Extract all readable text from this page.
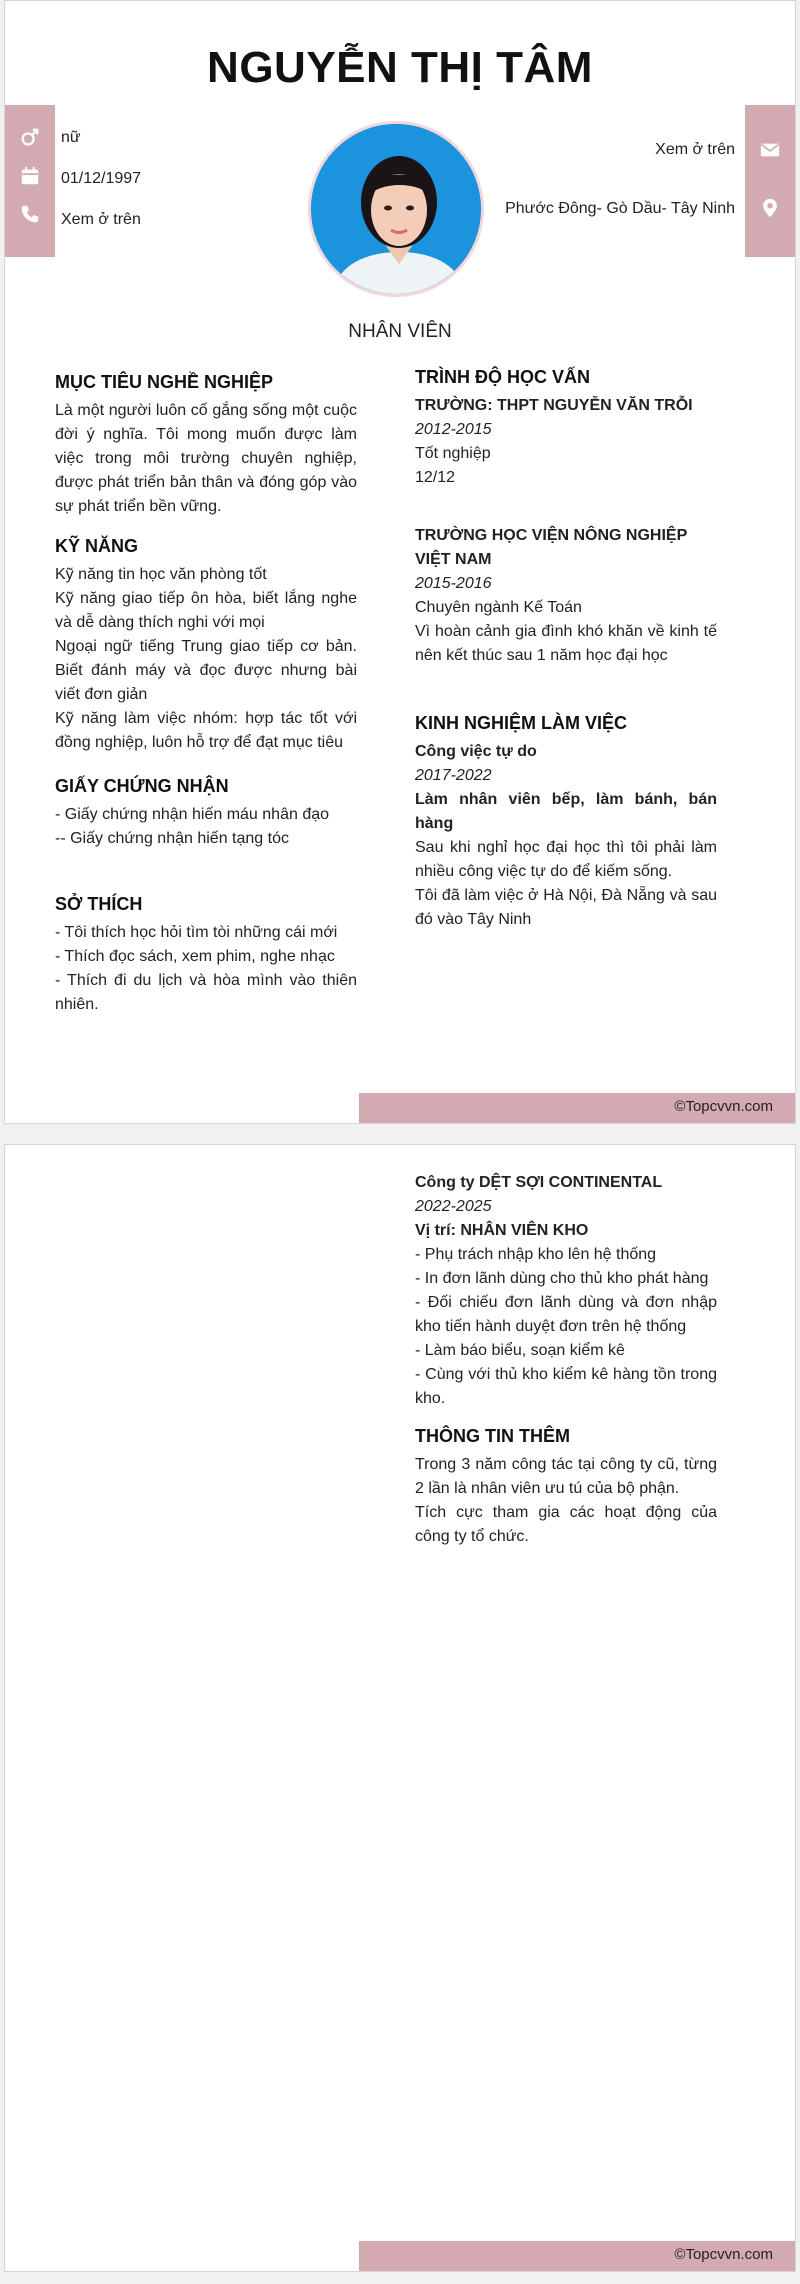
NGUYỄN THỊ TÂM
nữ
01/12/1997
Xem ở trên
Xem ở trên
Phước Đông- Gò Dầu- Tây Ninh
NHÂN VIÊN
MỤC TIÊU NGHỀ NGHIỆP
Là một người luôn cố gắng sống một cuộc đời ý nghĩa. Tôi mong muốn được làm việc trong môi trường chuyên nghiệp, được phát triển bản thân và đóng góp vào sự phát triển bền vững.
KỸ NĂNG
Kỹ năng tin học văn phòng tốt
Kỹ năng giao tiếp ôn hòa, biết lắng nghe và dễ dàng thích nghi với mọi
Ngoại ngữ tiếng Trung giao tiếp cơ bản. Biết đánh máy và đọc được nhưng bài viết đơn giản
Kỹ năng làm việc nhóm: hợp tác tốt với đồng nghiệp, luôn hỗ trợ để đạt mục tiêu
GIẤY CHỨNG NHẬN
- Giấy chứng nhận hiến máu nhân đạo
-- Giấy chứng nhận hiến tạng tóc
SỞ THÍCH
- Tôi thích học hỏi tìm tòi những cái mới
- Thích đọc sách, xem phim, nghe nhạc
- Thích đi du lịch và hòa mình vào thiên nhiên.
TRÌNH ĐỘ HỌC VẤN
TRƯỜNG: THPT NGUYỄN VĂN TRỖI
2012-2015
Tốt nghiệp
12/12
TRƯỜNG HỌC VIỆN NÔNG NGHIỆP VIỆT NAM
2015-2016
Chuyên ngành Kế Toán
Vì hoàn cảnh gia đình khó khăn về kinh tế nên kết thúc sau 1 năm học đại học
KINH NGHIỆM LÀM VIỆC
Công việc tự do
2017-2022
Làm nhân viên bếp, làm bánh, bán hàng
Sau khi nghỉ học đại học thì tôi phải làm nhiều công việc tự do để kiếm sống.
Tôi đã làm việc ở Hà Nội, Đà Nẵng và sau đó vào Tây Ninh
©Topcvvn.com
Công ty DỆT SỢI CONTINENTAL
2022-2025
Vị trí: NHÂN VIÊN KHO
- Phụ trách nhập kho lên hệ thống
- In đơn lãnh dùng cho thủ kho phát hàng
- Đối chiếu đơn lãnh dùng và đơn nhập kho tiến hành duyệt đơn trên hệ thống
- Làm báo biểu, soạn kiểm kê
- Cùng với thủ kho kiểm kê hàng tồn trong kho.
THÔNG TIN THÊM
Trong 3 năm công tác tại công ty cũ, từng 2 lần là nhân viên ưu tú của bộ phận.
Tích cực tham gia các hoạt động của công ty tổ chức.
©Topcvvn.com
